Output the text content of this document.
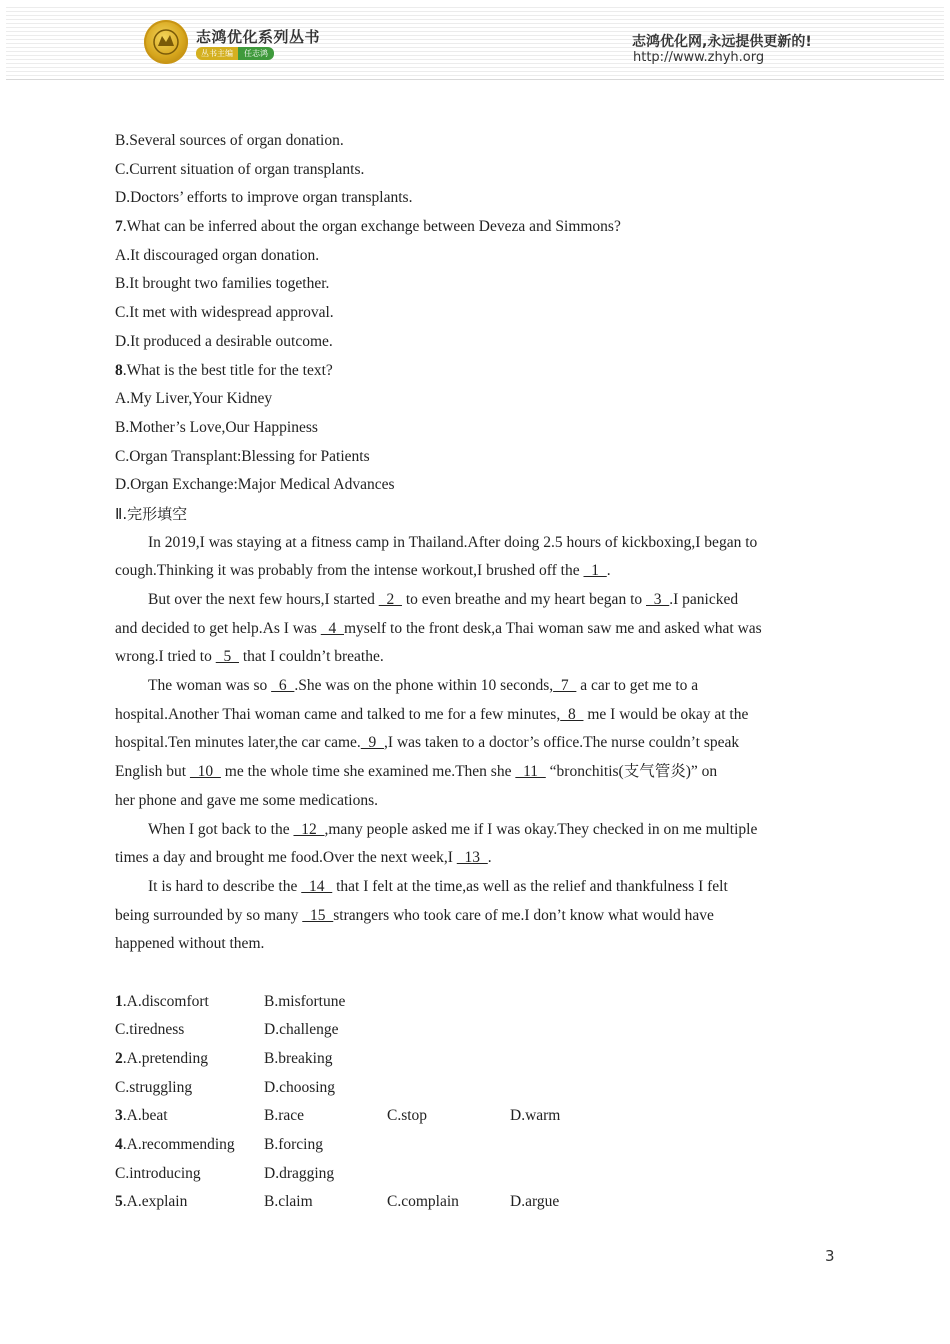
志鸿优化系列丛书
丛书主编	任志鸿
志鸿优化网,永远提供更新的!
http://www.zhyh.org
B.Several sources of organ donation.
C.Current situation of organ transplants.
D.Doctors’ efforts to improve organ transplants.
7.What can be inferred about the organ exchange between Deveza and Simmons?
A.It discouraged organ donation.
B.It brought two families together.
C.It met with widespread approval.
D.It produced a desirable outcome.
8.What is the best title for the text?
A.My Liver,Your Kidney
B.Mother’s Love,Our Happiness
C.Organ Transplant:Blessing for Patients
D.Organ Exchange:Major Medical Advances
Ⅱ.完形填空
In 2019,I was staying at a fitness camp in Thailand.After doing 2.5 hours of kickboxing,I began to
cough.Thinking it was probably from the intense workout,I brushed off the   1  .
But over the next few hours,I started   2   to even breathe and my heart began to   3  .I panicked
and decided to get help.As I was   4  myself to the front desk,a Thai woman saw me and asked what was
wrong.I tried to   5   that I couldn’t breathe.
The woman was so   6  .She was on the phone within 10 seconds,  7   a car to get me to a
hospital.Another Thai woman came and talked to me for a few minutes,  8   me I would be okay at the
hospital.Ten minutes later,the car came.  9  ,I was taken to a doctor’s office.The nurse couldn’t speak
English but   10   me the whole time she examined me.Then she   11   “bronchitis(支气管炎)” on
her phone and gave me some medications.
When I got back to the   12  ,many people asked me if I was okay.They checked in on me multiple
times a day and brought me food.Over the next week,I   13  .
It is hard to describe the   14   that I felt at the time,as well as the relief and thankfulness I felt
being surrounded by so many   15  strangers who took care of me.I don’t know what would have
happened without them.
1.A.discomfort	B.misfortune
C.tiredness	D.challenge
2.A.pretending	B.breaking
C.struggling	D.choosing
3.A.beat	B.race	C.stop	D.warm
4.A.recommending	B.forcing
C.introducing	D.dragging
5.A.explain	B.claim	C.complain	D.argue
3
